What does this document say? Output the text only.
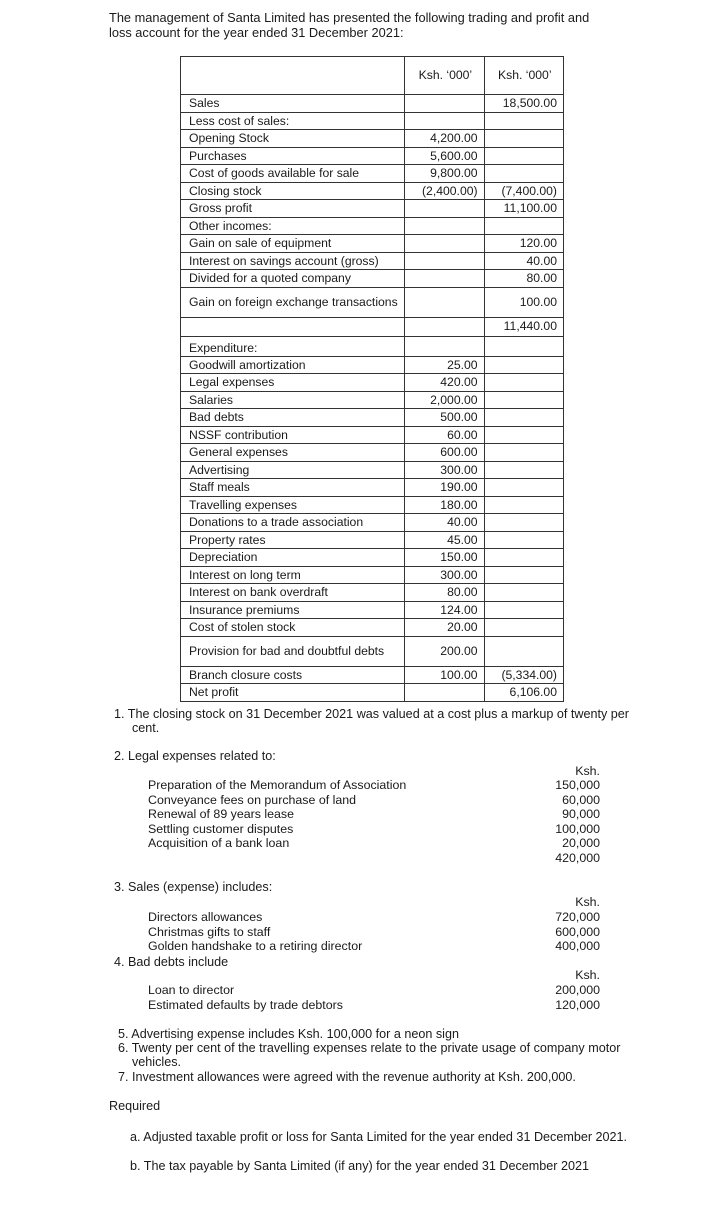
The management of Santa Limited has presented the following trading and profit and loss account for the year ended 31 December 2021:
	Ksh. ‘000’	Ksh. ‘000’
Sales		18,500.00
Less cost of sales:		
Opening Stock	4,200.00	
Purchases	5,600.00	
Cost of goods available for sale	9,800.00	
Closing stock	(2,400.00)	(7,400.00)
Gross profit		11,100.00
Other incomes:		
Gain on sale of equipment		120.00
Interest on savings account (gross)		40.00
Divided for a quoted company		80.00
Gain on foreign exchange transactions		100.00
		11,440.00
Expenditure:		
Goodwill amortization	25.00	
Legal expenses	420.00	
Salaries	2,000.00	
Bad debts	500.00	
NSSF contribution	60.00	
General expenses	600.00	
Advertising	300.00	
Staff meals	190.00	
Travelling expenses	180.00	
Donations to a trade association	40.00	
Property rates	45.00	
Depreciation	150.00	
Interest on long term	300.00	
Interest on bank overdraft	80.00	
Insurance premiums	124.00	
Cost of stolen stock	20.00	
Provision for bad and doubtful debts	200.00	
Branch closure costs	100.00	(5,334.00)
Net profit		6,106.00
1. The closing stock on 31 December 2021 was valued at a cost plus a markup of twenty per cent.
2. Legal expenses related to:
Ksh.
Preparation of the Memorandum of Association	150,000
Conveyance fees on purchase of land	60,000
Renewal of 89 years lease	90,000
Settling customer disputes	100,000
Acquisition of a bank loan	20,000
420,000
3. Sales (expense) includes:
Ksh.
Directors allowances	720,000
Christmas gifts to staff	600,000
Golden handshake to a retiring director	400,000
4. Bad debts include
Ksh.
Loan to director	200,000
Estimated defaults by trade debtors	120,000
5. Advertising expense includes Ksh. 100,000 for a neon sign
6. Twenty per cent of the travelling expenses relate to the private usage of company motor vehicles.
7. Investment allowances were agreed with the revenue authority at Ksh. 200,000.
Required
a. Adjusted taxable profit or loss for Santa Limited for the year ended 31 December 2021.
b. The tax payable by Santa Limited (if any) for the year ended 31 December 2021
